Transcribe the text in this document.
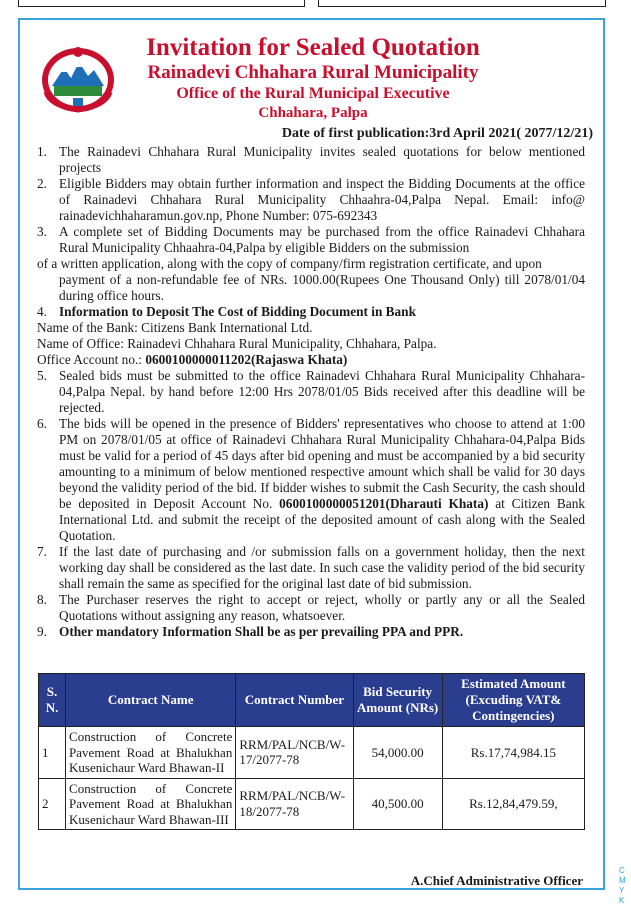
Invitation for Sealed Quotation
Rainadevi Chhahara Rural Municipality
Office of the Rural Municipal Executive
Chhahara, Palpa
Date of first publication:3rd April 2021( 2077/12/21)
1. The Rainadevi Chhahara Rural Municipality invites sealed quotations for below mentioned projects
2. Eligible Bidders may obtain further information and inspect the Bidding Documents at the office of Rainadevi Chhahara Rural Municipality Chhaahra-04,Palpa Nepal. Email: info@ rainadevichhaharamun.gov.np, Phone Number: 075-692343
3. A complete set of Bidding Documents may be purchased from the office Rainadevi Chhahara Rural Municipality Chhaahra-04,Palpa by eligible Bidders on the submission
of a written application, along with the copy of company/firm registration certificate, and upon
payment of a non-refundable fee of NRs. 1000.00(Rupees One Thousand Only) till 2078/01/04 during office hours.
4. Information to Deposit The Cost of Bidding Document in Bank
Name of the Bank: Citizens Bank International Ltd.
Name of Office: Rainadevi Chhahara Rural Municipality, Chhahara, Palpa.
Office Account no.: 0600100000011202(Rajaswa Khata)
5. Sealed bids must be submitted to the office Rainadevi Chhahara Rural Municipality Chhahara-04,Palpa Nepal. by hand before 12:00 Hrs 2078/01/05 Bids received after this deadline will be rejected.
6. The bids will be opened in the presence of Bidders' representatives who choose to attend at 1:00 PM on 2078/01/05 at office of Rainadevi Chhahara Rural Municipality Chhahara-04,Palpa Bids must be valid for a period of 45 days after bid opening and must be accompanied by a bid security amounting to a minimum of below mentioned respective amount which shall be valid for 30 days beyond the validity period of the bid. If bidder wishes to submit the Cash Security, the cash should be deposited in Deposit Account No. 0600100000051201(Dharauti Khata) at Citizen Bank International Ltd. and submit the receipt of the deposited amount of cash along with the Sealed Quotation.
7. If the last date of purchasing and /or submission falls on a government holiday, then the next working day shall be considered as the last date. In such case the validity period of the bid security shall remain the same as specified for the original last date of bid submission.
8. The Purchaser reserves the right to accept or reject, wholly or partly any or all the Sealed Quotations without assigning any reason, whatsoever.
9. Other mandatory Information Shall be as per prevailing PPA and PPR.
S. N.	Contract Name	Contract Number	Bid Security Amount (NRs)	Estimated Amount (Excuding VAT& Contingencies)
1	Construction of Concrete Pavement Road at Bhalukhan Kusenichaur Ward Bhawan-II	RRM/PAL/NCB/W-17/2077-78	54,000.00	Rs.17,74,984.15
2	Construction of Concrete Pavement Road at Bhalukhan Kusenichaur Ward Bhawan-III	RRM/PAL/NCB/W-18/2077-78	40,500.00	Rs.12,84,479.59,
A.Chief Administrative Officer
C
M
Y
K
